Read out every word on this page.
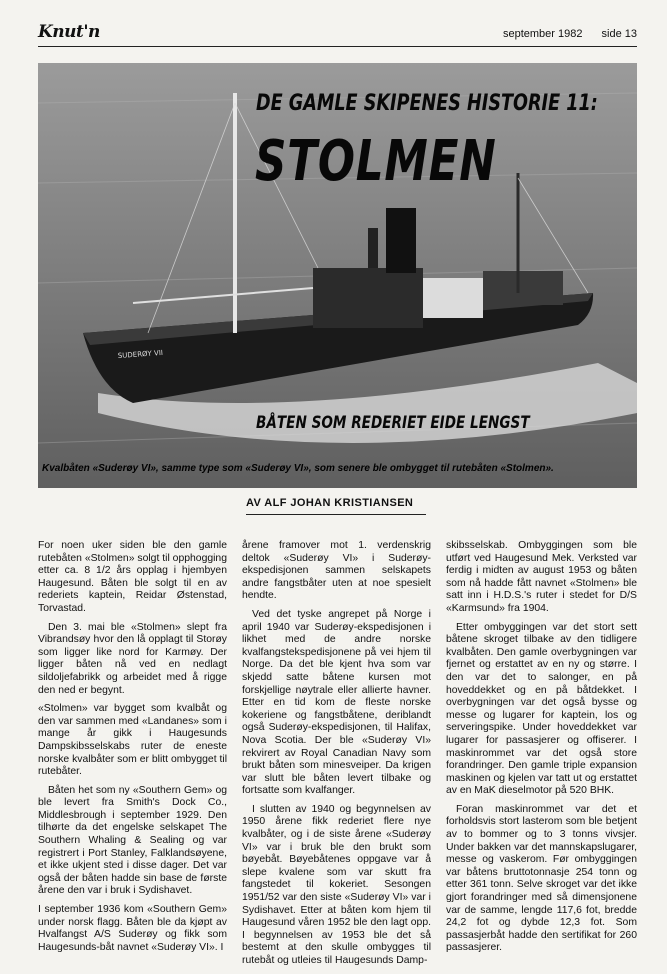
Knut'n	september 1982 side 13
SUDERØY VII
DE GAMLE SKIPENES HISTORIE 11:
STOLMEN
BÅTEN SOM REDERIET EIDE LENGST
Kvalbåten «Suderøy VI», samme type som «Suderøy VI», som senere ble ombygget til rutebåten «Stolmen».
AV ALF JOHAN KRISTIANSEN

For noen uker siden ble den gamle rutebåten «Stolmen» solgt til opphogging etter ca. 8 1/2 års opplag i hjembyen Haugesund. Båten ble solgt til en av rederiets kaptein, Reidar Østenstad, Torvastad.

Den 3. mai ble «Stolmen» slept fra Vibrandsøy hvor den lå opplagt til Storøy som ligger like nord for Karmøy. Der ligger båten nå ved en nedlagt sildoljefabrikk og arbeidet med å rigge den ned er begynt.

«Stolmen» var bygget som kvalbåt og den var sammen med «Landanes» som i mange år gikk i Haugesunds Dampskibsselskabs ruter de eneste norske kvalbåter som er blitt ombygget til rutebåter.

Båten het som ny «Southern Gem» og ble levert fra Smith's Dock Co., Middlesbrough i september 1929. Den tilhørte da det engelske selskapet The Southern Whaling & Sealing og var registrert i Port Stanley, Falklandsøyene, et ikke ukjent sted i disse dager. Det var også der båten hadde sin base de første årene den var i bruk i Sydishavet.

I september 1936 kom «Southern Gem» under norsk flagg. Båten ble da kjøpt av Hvalfangst A/S Suderøy og fikk som Haugesunds-båt navnet «Suderøy VI». I

årene framover mot 1. verdenskrig deltok «Suderøy VI» i Suderøy-ekspedisjonen sammen selskapets andre fangstbåter uten at noe spesielt hendte.

Ved det tyske angrepet på Norge i april 1940 var Suderøy-ekspedisjonen i likhet med de andre norske kvalfangstekspedisjonene på vei hjem til Norge. Da det ble kjent hva som var skjedd satte båtene kursen mot forskjellige nøytrale eller allierte havner. Etter en tid kom de fleste norske kokeriene og fangstbåtene, deriblandt også Suderøy-ekspedisjonen, til Halifax, Nova Scotia. Der ble «Suderøy VI» rekvirert av Royal Canadian Navy som brukt båten som minesveiper. Da krigen var slutt ble båten levert tilbake og fortsatte som kvalfanger.

I slutten av 1940 og begynnelsen av 1950 årene fikk rederiet flere nye kvalbåter, og i de siste årene «Suderøy VI» var i bruk ble den brukt som bøyebåt. Bøyebåtenes oppgave var å slepe kvalene som var skutt fra fangstedet til kokeriet. Sesongen 1951/52 var den siste «Suderøy VI» var i Sydishavet. Etter at båten kom hjem til Haugesund våren 1952 ble den lagt opp. I begynnelsen av 1953 ble det så bestemt at den skulle ombygges til rutebåt og utleies til Haugesunds Damp-

skibsselskab. Ombyggingen som ble utført ved Haugesund Mek. Verksted var ferdig i midten av august 1953 og båten som nå hadde fått navnet «Stolmen» ble satt inn i H.D.S.'s ruter i stedet for D/S «Karmsund» fra 1904.

Etter ombyggingen var det stort sett båtene skroget tilbake av den tidligere kvalbåten. Den gamle overbygningen var fjernet og erstattet av en ny og større. I den var det to salonger, en på hoveddekket og en på båtdekket. I overbygningen var det også bysse og messe og lugarer for kaptein, los og serveringspike. Under hoveddekket var lugarer for passasjerer og offiserer. I maskinrommet var det også store forandringer. Den gamle triple expansion maskinen og kjelen var tatt ut og erstattet av en MaK dieselmotor på 520 BHK.

Foran maskinrommet var det et forholdsvis stort lasterom som ble betjent av to bommer og to 3 tonns vivsjer. Under bakken var det mannskapslugarer, messe og vaskerom. Før ombyggingen var båtens bruttotonnasje 254 tonn og etter 361 tonn. Selve skroget var det ikke gjort forandringer med så dimensjonene var de samme, lengde 117,6 fot, bredde 24,2 fot og dybde 12,3 fot. Som passasjerbåt hadde den sertifikat for 260 passasjerer.
